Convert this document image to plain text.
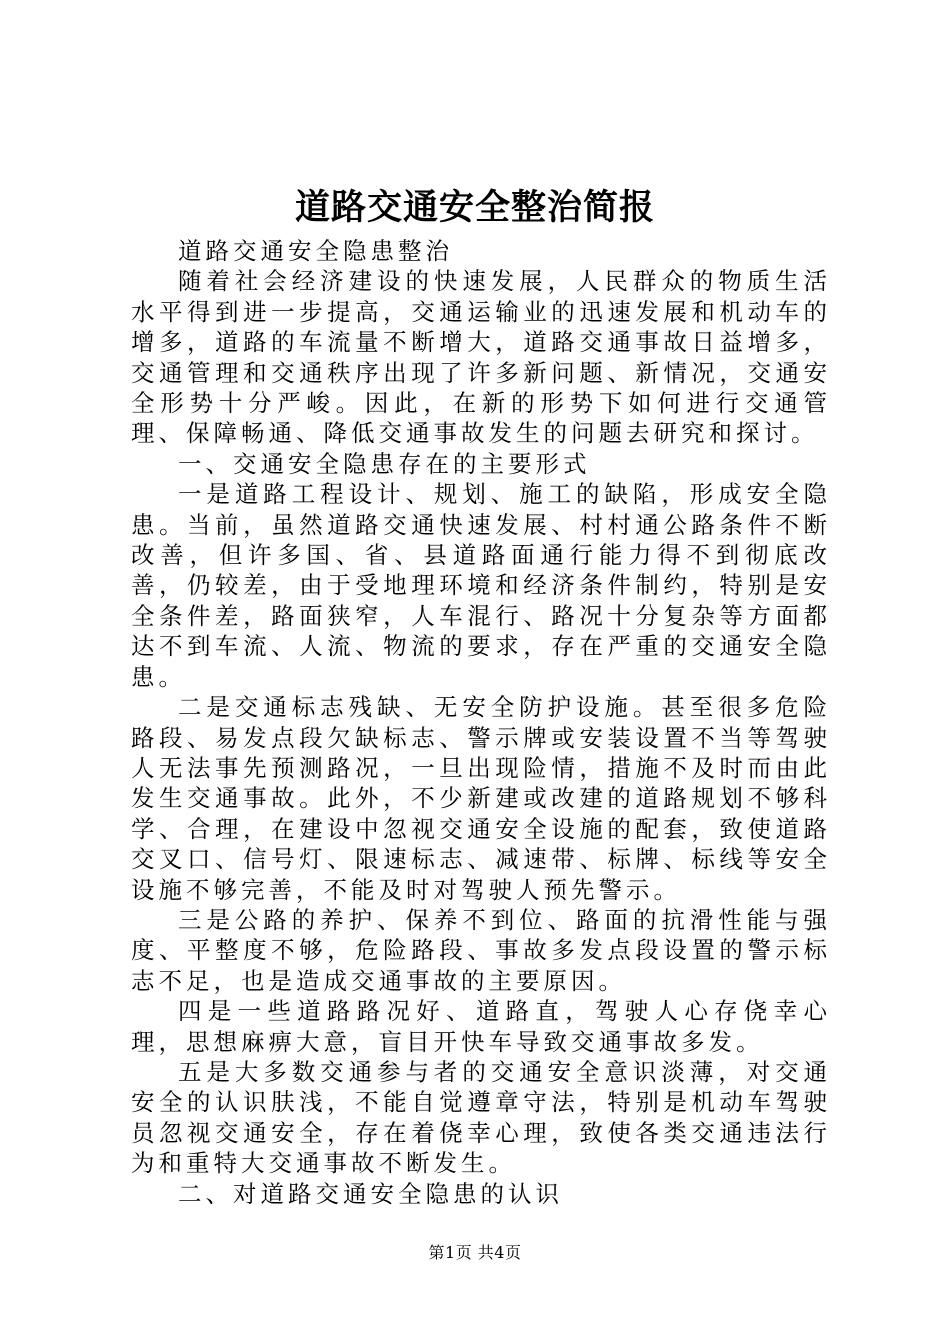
道路交通安全整治简报

道路交通安全隐患整治

随着社会经济建设的快速发展，人民群众的物质生活水平得到进一步提高，交通运输业的迅速发展和机动车的增多，道路的车流量不断增大，道路交通事故日益增多，交通管理和交通秩序出现了许多新问题、新情况，交通安全形势十分严峻。因此，在新的形势下如何进行交通管理、保障畅通、降低交通事故发生的问题去研究和探讨。

一、交通安全隐患存在的主要形式

一是道路工程设计、规划、施工的缺陷，形成安全隐患。当前，虽然道路交通快速发展、村村通公路条件不断改善，但许多国、省、县道路面通行能力得不到彻底改善，仍较差，由于受地理环境和经济条件制约，特别是安全条件差，路面狭窄，人车混行、路况十分复杂等方面都达不到车流、人流、物流的要求，存在严重的交通安全隐患。

二是交通标志残缺、无安全防护设施。甚至很多危险路段、易发点段欠缺标志、警示牌或安装设置不当等驾驶人无法事先预测路况，一旦出现险情，措施不及时而由此发生交通事故。此外，不少新建或改建的道路规划不够科学、合理，在建设中忽视交通安全设施的配套，致使道路交叉口、信号灯、限速标志、减速带、标牌、标线等安全设施不够完善，不能及时对驾驶人预先警示。

三是公路的养护、保养不到位、路面的抗滑性能与强度、平整度不够，危险路段、事故多发点段设置的警示标志不足，也是造成交通事故的主要原因。

四是一些道路路况好、道路直，驾驶人心存侥幸心理，思想麻痹大意，盲目开快车导致交通事故多发。

五是大多数交通参与者的交通安全意识淡薄，对交通安全的认识肤浅，不能自觉遵章守法，特别是机动车驾驶员忽视交通安全，存在着侥幸心理，致使各类交通违法行为和重特大交通事故不断发生。

二、对道路交通安全隐患的认识

第1页 共4页
